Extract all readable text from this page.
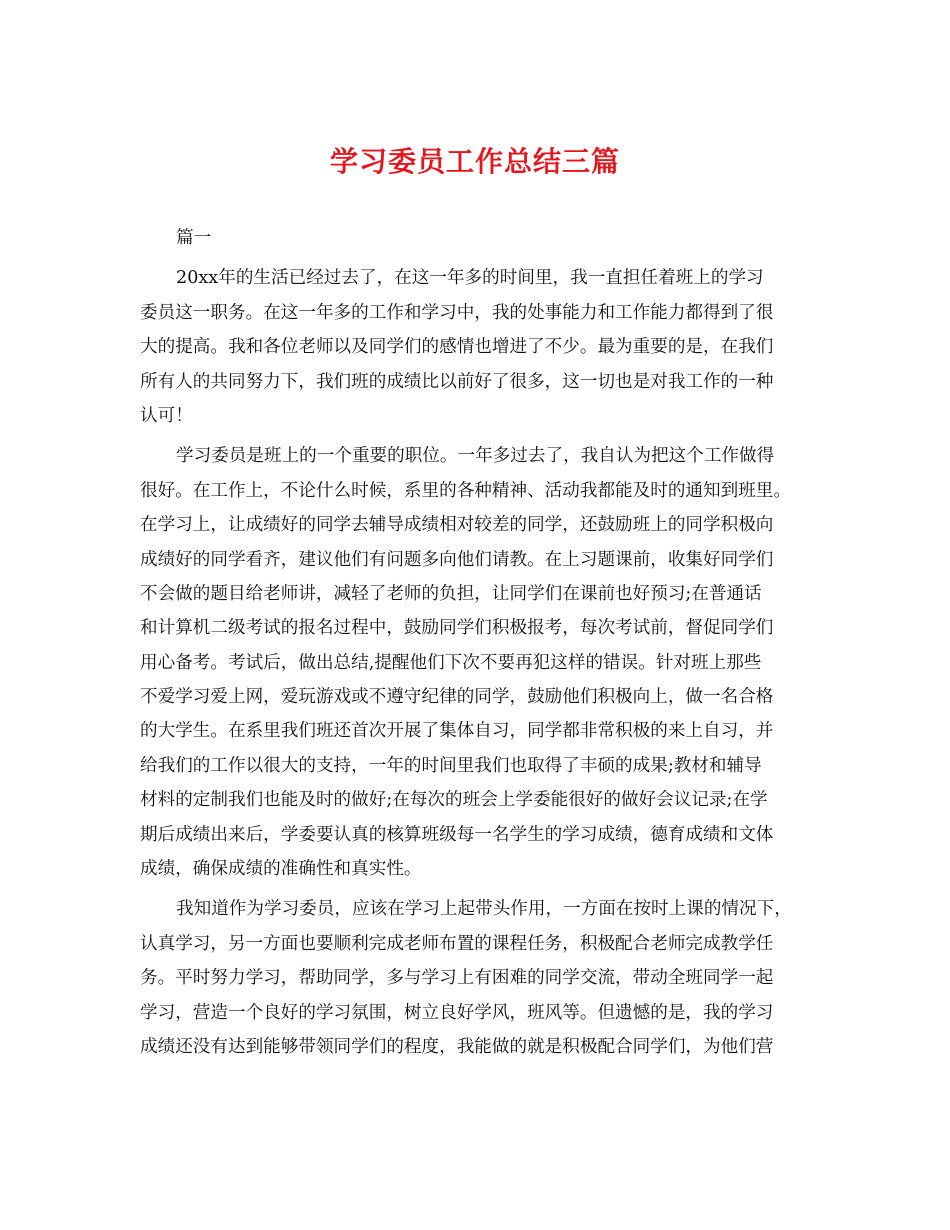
学习委员工作总结三篇
篇一
20xx年的生活已经过去了，在这一年多的时间里，我一直担任着班上的学习
委员这一职务。在这一年多的工作和学习中，我的处事能力和工作能力都得到了很
大的提高。我和各位老师以及同学们的感情也增进了不少。最为重要的是，在我们
所有人的共同努力下，我们班的成绩比以前好了很多，这一切也是对我工作的一种
认可！
学习委员是班上的一个重要的职位。一年多过去了，我自认为把这个工作做得
很好。在工作上，不论什么时候，系里的各种精神、活动我都能及时的通知到班里。
在学习上，让成绩好的同学去辅导成绩相对较差的同学，还鼓励班上的同学积极向
成绩好的同学看齐，建议他们有问题多向他们请教。在上习题课前，收集好同学们
不会做的题目给老师讲，减轻了老师的负担，让同学们在课前也好预习;在普通话
和计算机二级考试的报名过程中，鼓励同学们积极报考，每次考试前，督促同学们
用心备考。考试后，做出总结,提醒他们下次不要再犯这样的错误。针对班上那些
不爱学习爱上网，爱玩游戏或不遵守纪律的同学，鼓励他们积极向上，做一名合格
的大学生。在系里我们班还首次开展了集体自习，同学都非常积极的来上自习，并
给我们的工作以很大的支持，一年的时间里我们也取得了丰硕的成果;教材和辅导
材料的定制我们也能及时的做好;在每次的班会上学委能很好的做好会议记录;在学
期后成绩出来后，学委要认真的核算班级每一名学生的学习成绩，德育成绩和文体
成绩，确保成绩的准确性和真实性。
我知道作为学习委员，应该在学习上起带头作用，一方面在按时上课的情况下，
认真学习，另一方面也要顺利完成老师布置的课程任务，积极配合老师完成教学任
务。平时努力学习，帮助同学，多与学习上有困难的同学交流，带动全班同学一起
学习，营造一个良好的学习氛围，树立良好学风，班风等。但遗憾的是，我的学习
成绩还没有达到能够带领同学们的程度，我能做的就是积极配合同学们，为他们营
